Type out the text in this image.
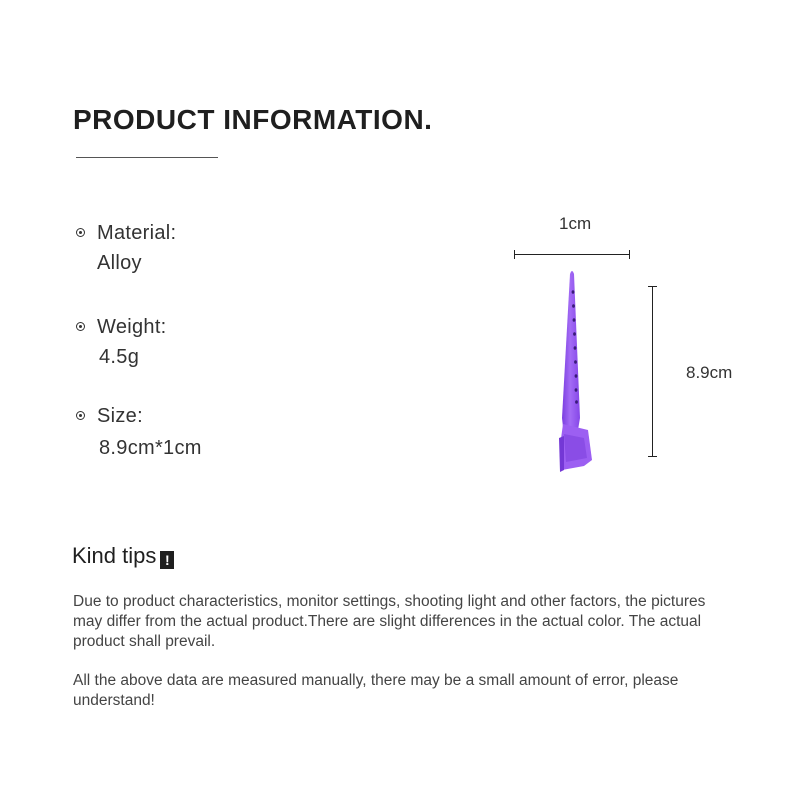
PRODUCT INFORMATION.
Material:
Alloy
Weight:
4.5g
Size:
8.9cm*1cm
1cm
8.9cm
Kind tips !
Due to product characteristics, monitor settings, shooting light and other factors, the pictures may differ from the actual product.There are slight differences in the actual color. The actual product shall prevail.
All the above data are measured manually, there may be a small amount of error, please understand!
